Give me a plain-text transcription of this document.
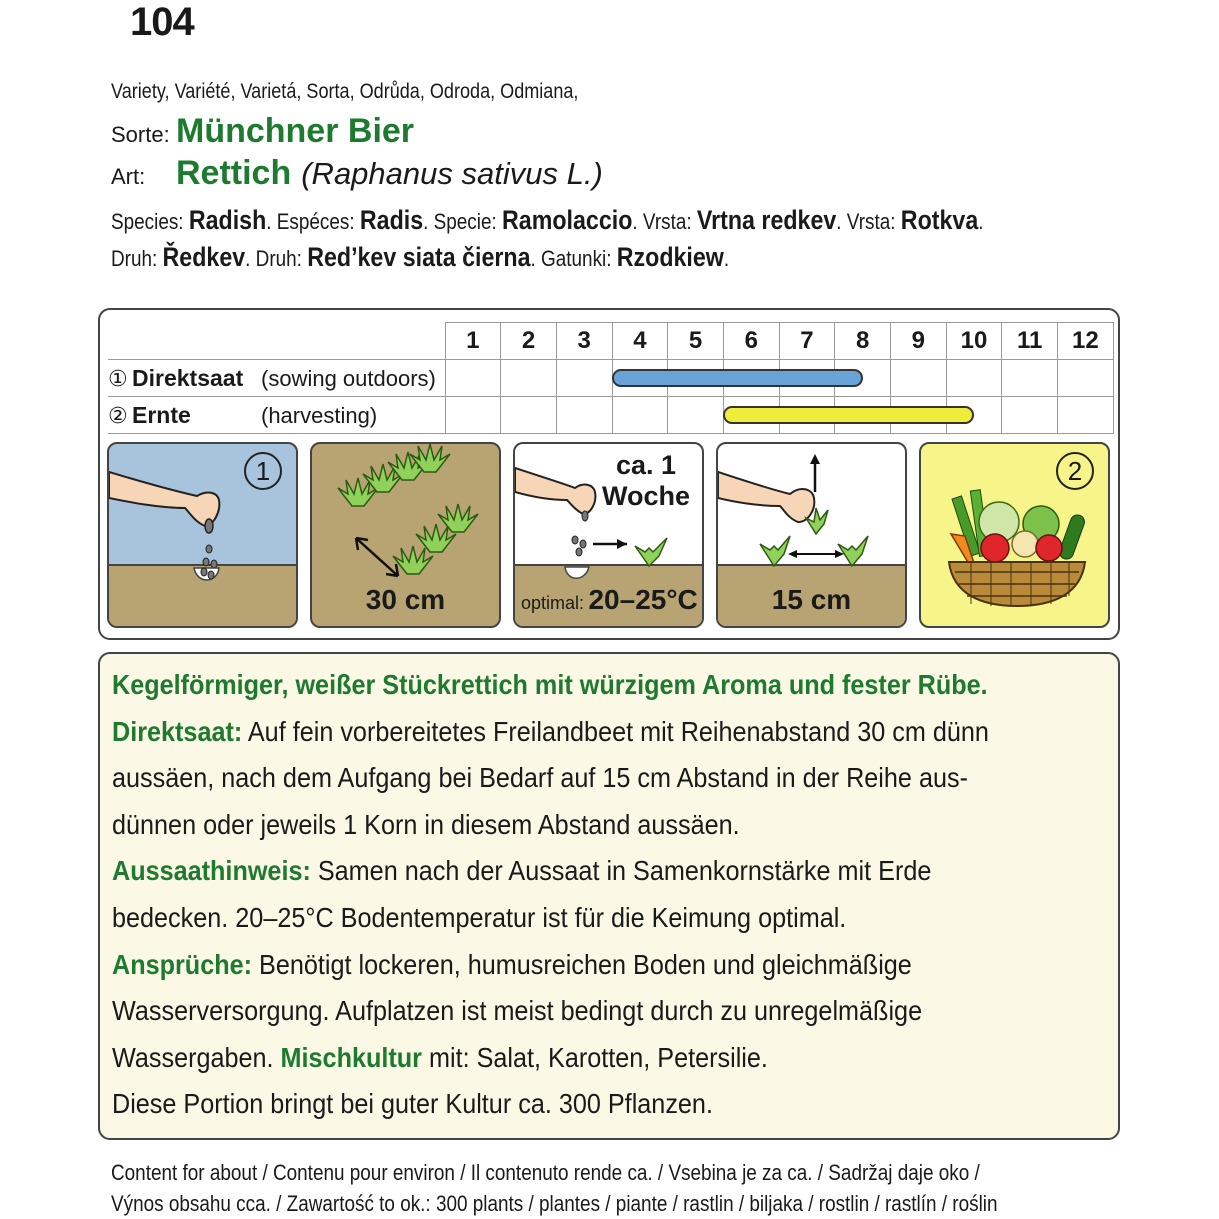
104
Variety, Variété, Varietá, Sorta, Odrůda, Odroda, Odmiana,
Sorte: Münchner Bier
Art: Rettich (Raphanus sativus L.)
Species: Radish. Espéces: Radis. Specie: Ramolaccio. Vrsta: Vrtna redkev. Vrsta: Rotkva.
Druh: Ředkev. Druh: Red’kev siata čierna. Gatunki: Rzodkiew.
	1	2	3	4	5	6	7	8	9	10	11	12
① Direktsaat (sowing outdoors)												
② Ernte (harvesting)												
1
30 cm
ca. 1 Woche
optimal: 20–25°C	15 cm
2

Kegelförmiger, weißer Stückrettich mit würzigem Aroma und fester Rübe.

Direktsaat: Auf fein vorbereitetes Freilandbeet mit Reihenabstand 30 cm dünn

aussäen, nach dem Aufgang bei Bedarf auf 15 cm Abstand in der Reihe aus-

dünnen oder jeweils 1 Korn in diesem Abstand aussäen.

Aussaathinweis: Samen nach der Aussaat in Samenkornstärke mit Erde

bedecken. 20–25°C Bodentemperatur ist für die Keimung optimal.

Ansprüche: Benötigt lockeren, humusreichen Boden und gleichmäßige

Wasserversorgung. Aufplatzen ist meist bedingt durch zu unregelmäßige

Wassergaben. Mischkultur mit: Salat, Karotten, Petersilie.

Diese Portion bringt bei guter Kultur ca. 300 Pflanzen.

Content for about / Contenu pour environ / Il contenuto rende ca. / Vsebina je za ca. / Sadržaj daje oko /
Výnos obsahu cca. / Zawartość to ok.: 300 plants / plantes / piante / rastlin / biljaka / rostlin / rastlín / roślin
